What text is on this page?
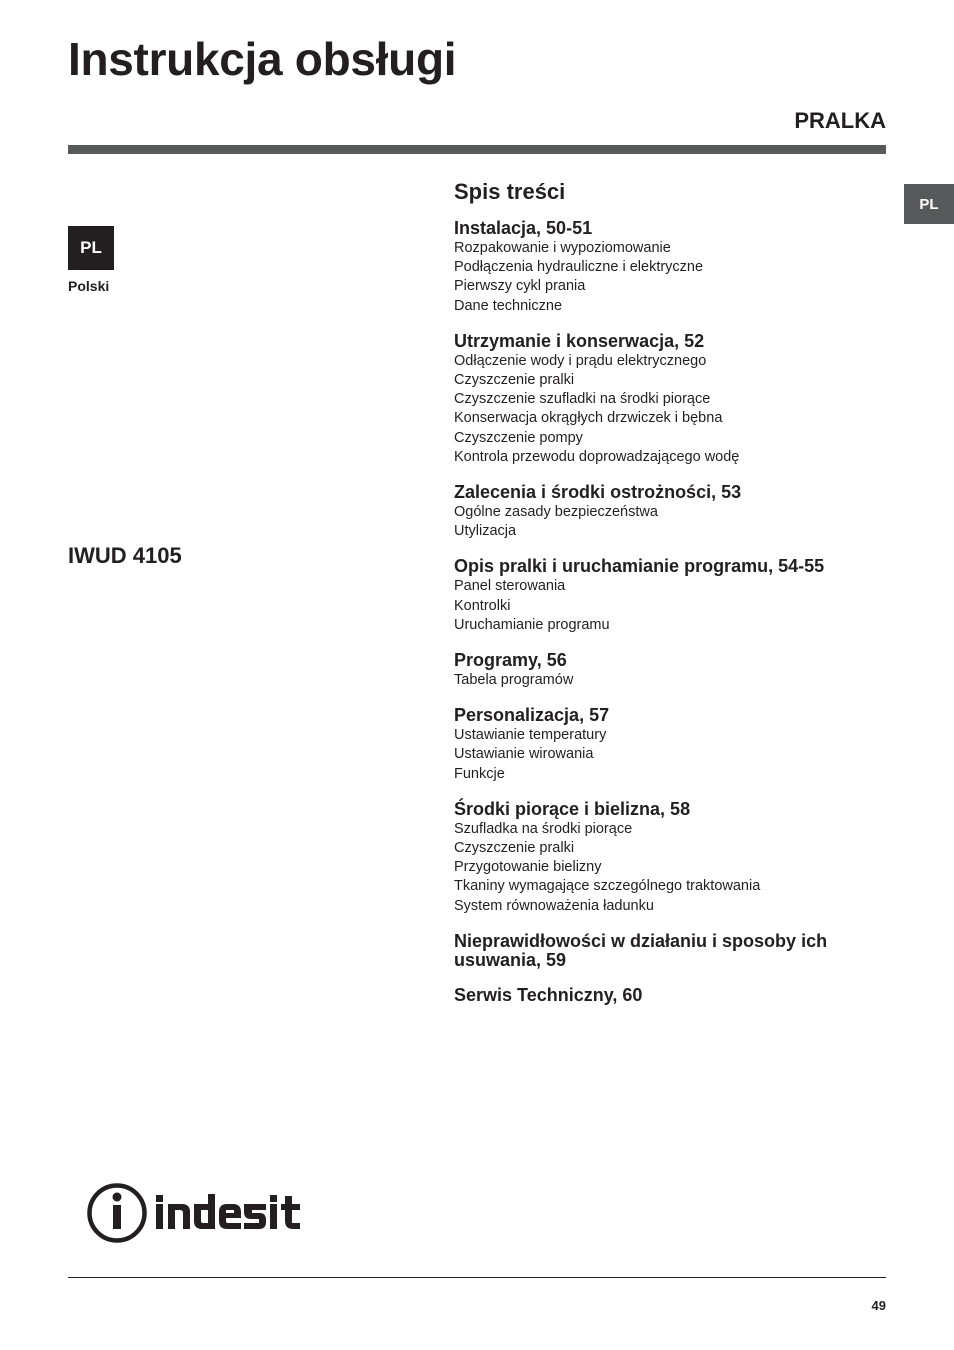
Instrukcja obsługi
PRALKA
PL
Polski
PL
IWUD 4105
Spis treści
Instalacja, 50-51
Rozpakowanie i wypoziomowanie
Podłączenia hydrauliczne i elektryczne
Pierwszy cykl prania
Dane techniczne
Utrzymanie i konserwacja, 52
Odłączenie wody i prądu elektrycznego
Czyszczenie pralki
Czyszczenie szufladki na środki piorące
Konserwacja okrągłych drzwiczek i bębna
Czyszczenie pompy
Kontrola przewodu doprowadzającego wodę
Zalecenia i środki ostrożności, 53
Ogólne zasady bezpieczeństwa
Utylizacja
Opis pralki i uruchamianie programu, 54-55
Panel sterowania
Kontrolki
Uruchamianie programu
Programy, 56
Tabela programów
Personalizacja, 57
Ustawianie temperatury
Ustawianie wirowania
Funkcje
Środki piorące i bielizna, 58
Szufladka na środki piorące
Czyszczenie pralki
Przygotowanie bielizny
Tkaniny wymagające szczególnego traktowania
System równoważenia ładunku
Nieprawidłowości w działaniu i sposoby ich usuwania, 59
Serwis Techniczny, 60
49
